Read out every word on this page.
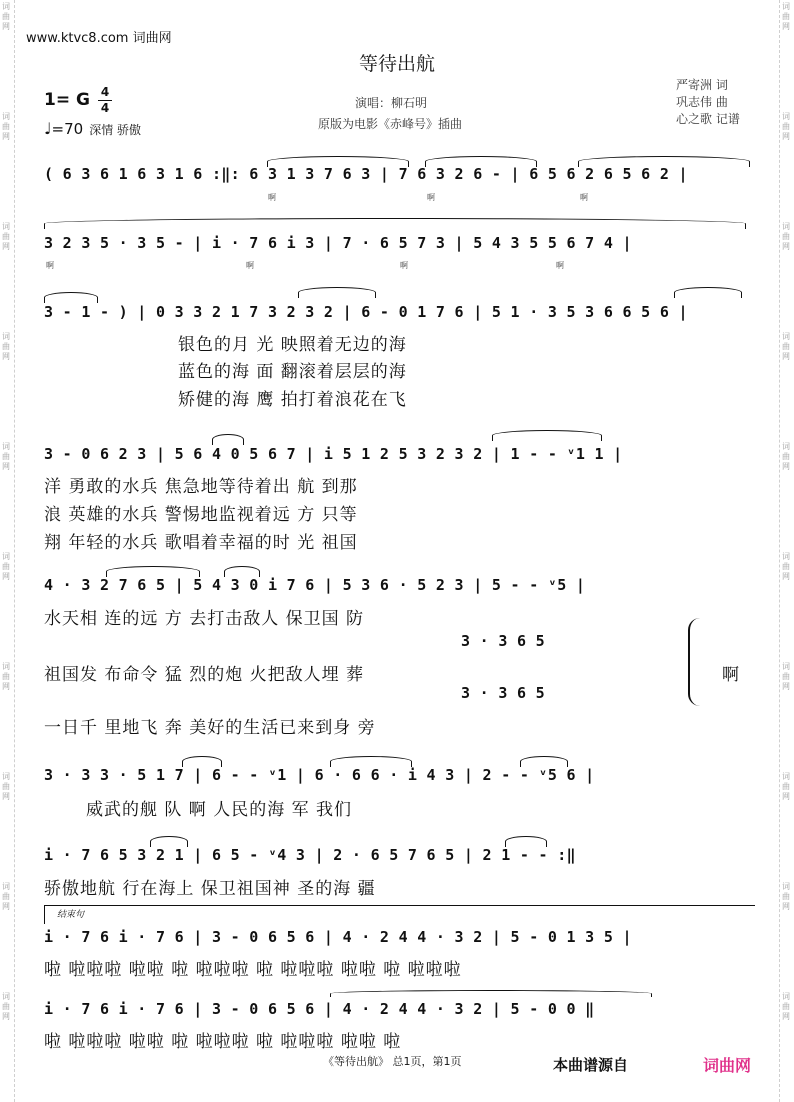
词曲网
词曲网
词曲网
词曲网
词曲网
词曲网
词曲网
词曲网
词曲网
词曲网
词曲网
词曲网
词曲网
词曲网
词曲网
词曲网
词曲网
词曲网
词曲网
词曲网
www.ktvc8.com 词曲网
等待出航
1= G 4
4
♩=70 深情 骄傲
演唱：柳石明
原版为电影《赤峰号》插曲
严寄洲 词
巩志伟 曲
心之歌 记谱
( 6 3 6 1 6 3 1 6 :‖: 6 3 1 3 7 6 3 | 7 6 3 2 6 - | 6 5 6 2 6 5 6 2 |
啊	啊	啊
3 2 3 5 · 3 5 - | i · 7 6 i 3 | 7 · 6 5 7 3 | 5 4 3 5 5 6 7 4 |
啊	啊	啊	啊
3 - 1 - ) | 0 3 3 2 1 7 3 2 3 2 | 6 - 0 1 7 6 | 5 1 · 3 5 3 6 6 5 6 |
银色的月 光 映照着无边的海
蓝色的海 面 翻滚着层层的海
矫健的海 鹰 拍打着浪花在飞
3 - 0 6 2 3 | 5 6 4 0 5 6 7 | i 5 1 2 5 3 2 3 2 | 1 - - ᵛ1 1 |
洋 勇敢的水兵 焦急地等待着出 航 到那
浪 英雄的水兵 警惕地监视着远 方 只等
翔 年轻的水兵 歌唱着幸福的时 光 祖国
4 · 3 2 7 6 5 | 5 4 3 0 i 7 6 | 5 3 6 · 5 2 3 | 5 - - ᵛ5 |
水天相 连的远 方 去打击敌人 保卫国 防
3 · 3 6 5
祖国发 布命令 猛 烈的炮 火把敌人埋 葬
3 · 3 6 5
一日千 里地飞 奔 美好的生活已来到身 旁
啊
3 · 3 3 · 5 1 7 | 6 - - ᵛ1 | 6 · 6 6 · i 4 3 | 2 - - ᵛ5 6 |
威武的舰 队 啊 人民的海 军 我们
i · 7 6 5 3 2 1 | 6 5 - ᵛ4 3 | 2 · 6 5 7 6 5 | 2 1 - - :‖
骄傲地航 行在海上 保卫祖国神 圣的海 疆
结束句
i · 7 6 i · 7 6 | 3 - 0 6 5 6 | 4 · 2 4 4 · 3 2 | 5 - 0 1 3 5 |
啦 啦啦啦 啦啦 啦 啦啦啦 啦 啦啦啦 啦啦 啦 啦啦啦
i · 7 6 i · 7 6 | 3 - 0 6 5 6 | 4 · 2 4 4 · 3 2 | 5 - 0 0 ‖
啦 啦啦啦 啦啦 啦 啦啦啦 啦 啦啦啦 啦啦 啦
《等待出航》 总1页，第1页	本曲谱源自	词曲网
